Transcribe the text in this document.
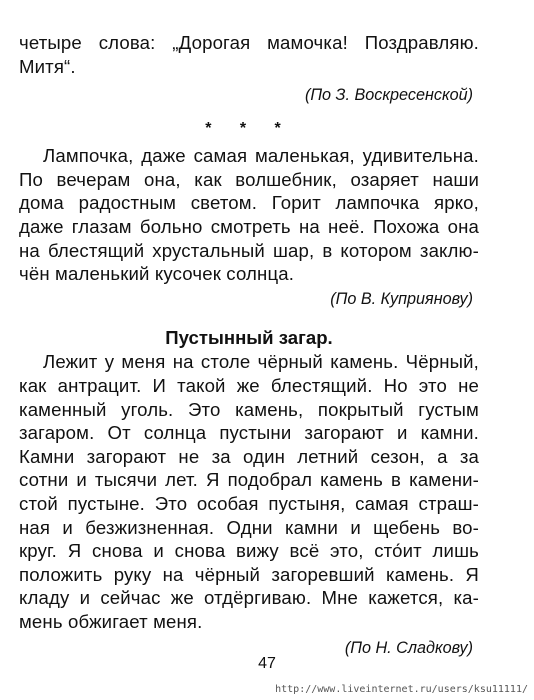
четыре слова: „Дорогая мамочка! Поздравляю.
Митя“.
(По З. Воскресенской)
* * *
Лампочка, даже самая маленькая, удивительна.
По вечерам она, как волшебник, озаряет наши
дома радостным светом. Горит лампочка ярко,
даже глазам больно смотреть на неё. Похожа она
на блестящий хрустальный шар, в котором заклю-
чён маленький кусочек солнца.
(По В. Куприянову)
Пустынный загар.
Лежит у меня на столе чёрный камень. Чёрный,
как антрацит. И такой же блестящий. Но это не
каменный уголь. Это камень, покрытый густым
загаром. От солнца пустыни загорают и камни.
Камни загорают не за один летний сезон, а за
сотни и тысячи лет. Я подобрал камень в камени-
стой пустыне. Это особая пустыня, самая страш-
ная и безжизненная. Одни камни и щебень во-
круг. Я снова и снова вижу всё это, сто́ит лишь
положить руку на чёрный загоревший камень. Я
кладу и сейчас же отдёргиваю. Мне кажется, ка-
мень обжигает меня.
(По Н. Сладкову)
47
http://www.liveinternet.ru/users/ksu11111/
